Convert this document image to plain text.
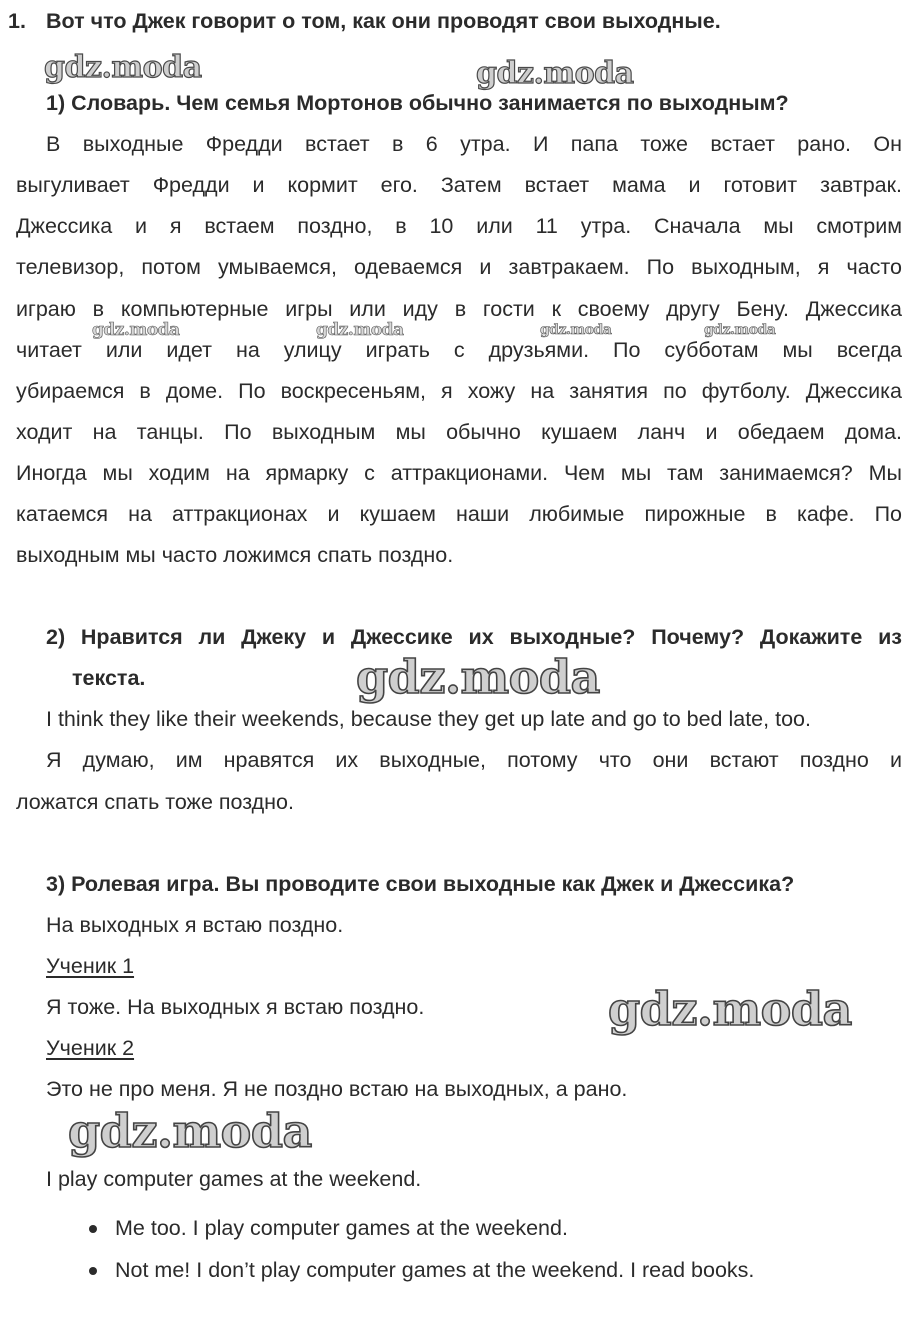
1. Вот что Джек говорит о том, как они проводят свои выходные.
1) Словарь. Чем семья Мортонов обычно занимается по выходным?
В выходные Фредди встает в 6 утра. И папа тоже встает рано. Он
выгуливает Фредди и кормит его. Затем встает мама и готовит завтрак.
Джессика и я встаем поздно, в 10 или 11 утра. Сначала мы смотрим
телевизор, потом умываемся, одеваемся и завтракаем. По выходным, я часто
играю в компьютерные игры или иду в гости к своему другу Бену. Джессика
читает или идет на улицу играть с друзьями. По субботам мы всегда
убираемся в доме. По воскресеньям, я хожу на занятия по футболу. Джессика
ходит на танцы. По выходным мы обычно кушаем ланч и обедаем дома.
Иногда мы ходим на ярмарку с аттракционами. Чем мы там занимаемся? Мы
катаемся на аттракционах и кушаем наши любимые пирожные в кафе. По
выходным мы часто ложимся спать поздно.
2) Нравится ли Джеку и Джессике их выходные? Почему? Докажите из
текста.
I think they like their weekends, because they get up late and go to bed late, too.
Я думаю, им нравятся их выходные, потому что они встают поздно и
ложатся спать тоже поздно.
3) Ролевая игра. Вы проводите свои выходные как Джек и Джессика?
На выходных я встаю поздно.
Ученик 1
Я тоже. На выходных я встаю поздно.
Ученик 2
Это не про меня. Я не поздно встаю на выходных, а рано.
I play computer games at the weekend.
Me too. I play computer games at the weekend.
Not me! I don’t play computer games at the weekend. I read books.
gdz.moda	gdz.moda
gdz.moda	gdz.moda	gdz.moda	gdz.moda
gdz.moda
gdz.moda
gdz.moda
